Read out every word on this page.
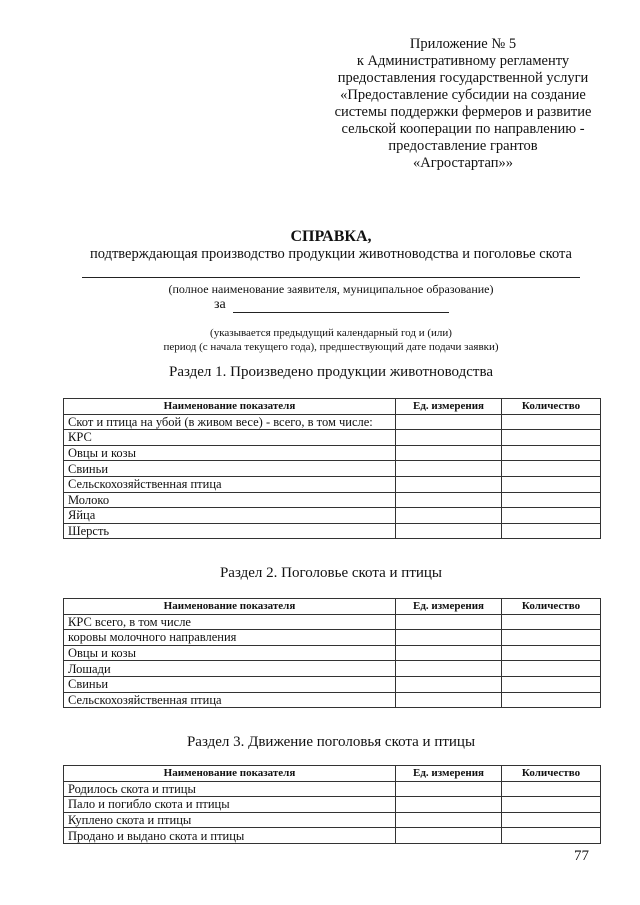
Приложение № 5
к Административному регламенту
предоставления государственной услуги
«Предоставление субсидии на создание
системы поддержки фермеров и развитие
сельской кооперации по направлению -
предоставление грантов
«Агростартап»»
СПРАВКА,
подтверждающая производство продукции животноводства и поголовье скота
(полное наименование заявителя, муниципальное образование)
за
(указывается предыдущий календарный год и (или)
период (с начала текущего года), предшествующий дате подачи заявки)
Раздел 1. Произведено продукции животноводства
Наименование показателя	Ед. измерения	Количество
Скот и птица на убой (в живом весе) - всего, в том числе:		
КРС		
Овцы и козы		
Свиньи		
Сельскохозяйственная птица		
Молоко		
Яйца		
Шерсть		
Раздел 2. Поголовье скота и птицы
Наименование показателя	Ед. измерения	Количество
КРС всего, в том числе		
коровы молочного направления		
Овцы и козы		
Лошади		
Свиньи		
Сельскохозяйственная птица		
Раздел 3. Движение поголовья скота и птицы
Наименование показателя	Ед. измерения	Количество
Родилось скота и птицы		
Пало и погибло скота и птицы		
Куплено скота и птицы		
Продано и выдано скота и птицы		
77
